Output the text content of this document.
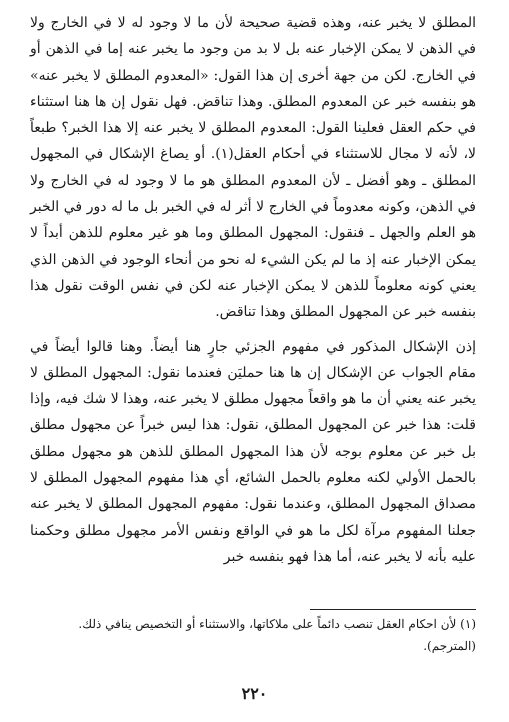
المطلق لا يخبر عنه، وهذه قضية صحيحة لأن ما لا وجود له لا في الخارج ولا في الذهن لا يمكن الإخبار عنه بل لا بد من وجود ما يخبر عنه إما في الذهن أو في الخارج. لكن من جهة أخرى إن هذا القول: «المعدوم المطلق لا يخبر عنه» هو بنفسه خبر عن المعدوم المطلق. وهذا تناقض. فهل نقول إن ها هنا استثناء في حكم العقل فعلينا القول: المعدوم المطلق لا يخبر عنه إلا هذا الخبر؟ طبعاً لا، لأنه لا مجال للاستثناء في أحكام العقل(١). أو يصاغ الإشكال في المجهول المطلق ـ وهو أفضل ـ لأن المعدوم المطلق هو ما لا وجود له في الخارج ولا في الذهن، وكونه معدوماً في الخارج لا أثر له في الخبر بل ما له دور في الخبر هو العلم والجهل ـ فنقول: المجهول المطلق وما هو غير معلوم للذهن أبداً لا يمكن الإخبار عنه إذ ما لم يكن الشيء له نحو من أنحاء الوجود في الذهن الذي يعني كونه معلوماً للذهن لا يمكن الإخبار عنه لكن في نفس الوقت نقول هذا بنفسه خبر عن المجهول المطلق وهذا تناقض.

إذن الإشكال المذكور في مفهوم الجزئي جارٍ هنا أيضاً. وهنا قالوا أيضاً في مقام الجواب عن الإشكال إن ها هنا حمليَن فعندما نقول: المجهول المطلق لا يخبر عنه يعني أن ما هو واقعاً مجهول مطلق لا يخبر عنه، وهذا لا شك فيه، وإذا قلت: هذا خبر عن المجهول المطلق، نقول: هذا ليس خبراً عن مجهول مطلق بل خبر عن معلوم بوجه لأن هذا المجهول المطلق للذهن هو مجهول مطلق بالحمل الأولي لكنه معلوم بالحمل الشائع، أي هذا مفهوم المجهول المطلق لا مصداق المجهول المطلق، وعندما نقول: مفهوم المجهول المطلق لا يخبر عنه جعلنا المفهوم مرآة لكل ما هو في الواقع ونفس الأمر مجهول مطلق وحكمنا عليه بأنه لا يخبر عنه، أما هذا فهو بنفسه خبر

(١) لأن احكام العقل تنصب دائماً على ملاكاتها، والاستثناء أو التخصيص ينافي ذلك.
(المترجم).
٢٢٠
